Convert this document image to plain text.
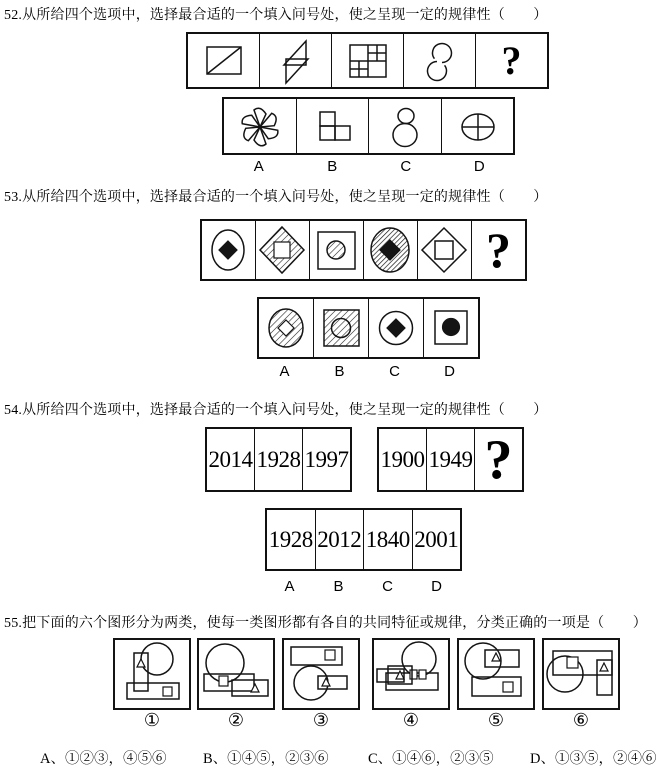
52.从所给四个选项中，选择最合适的一个填入问号处，使之呈现一定的规律性（　　）
?
A	B	C	D
53.从所给四个选项中，选择最合适的一个填入问号处，使之呈现一定的规律性（　　）
?
A	B	C	D
54.从所给四个选项中，选择最合适的一个填入问号处，使之呈现一定的规律性（　　）
2014 1928 1997 1900 1949 ?
1928 2012 1840 2001
A	B	C	D
55.把下面的六个图形分为两类，使每一类图形都有各自的共同特征或规律，分类正确的一项是（　　）
①	②	③	④	⑤	⑥
A、①②③，④⑤⑥	B、①④⑤，②③⑥	C、①④⑥，②③⑤	D、①③⑤，②④⑥
